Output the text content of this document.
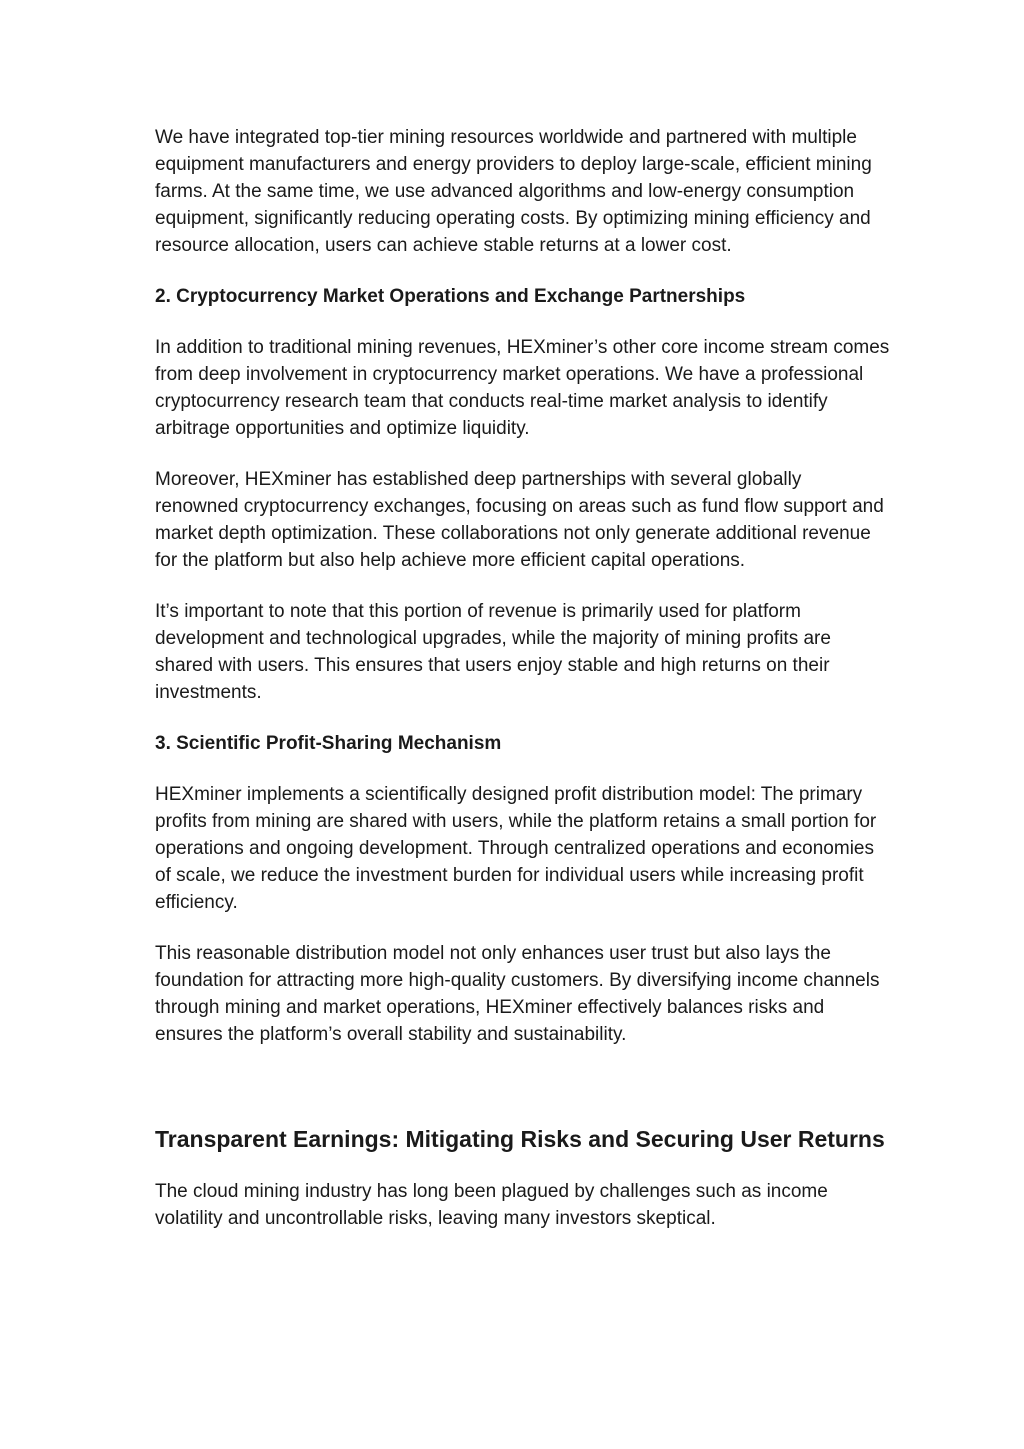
We have integrated top-tier mining resources worldwide and partnered with multiple equipment manufacturers and energy providers to deploy large-scale, efficient mining farms. At the same time, we use advanced algorithms and low-energy consumption equipment, significantly reducing operating costs. By optimizing mining efficiency and resource allocation, users can achieve stable returns at a lower cost.

2. Cryptocurrency Market Operations and Exchange Partnerships

In addition to traditional mining revenues, HEXminer’s other core income stream comes from deep involvement in cryptocurrency market operations. We have a professional cryptocurrency research team that conducts real-time market analysis to identify arbitrage opportunities and optimize liquidity.

Moreover, HEXminer has established deep partnerships with several globally renowned cryptocurrency exchanges, focusing on areas such as fund flow support and market depth optimization. These collaborations not only generate additional revenue for the platform but also help achieve more efficient capital operations.

It’s important to note that this portion of revenue is primarily used for platform development and technological upgrades, while the majority of mining profits are shared with users. This ensures that users enjoy stable and high returns on their investments.

3. Scientific Profit-Sharing Mechanism

HEXminer implements a scientifically designed profit distribution model: The primary profits from mining are shared with users, while the platform retains a small portion for operations and ongoing development. Through centralized operations and economies of scale, we reduce the investment burden for individual users while increasing profit efficiency.

This reasonable distribution model not only enhances user trust but also lays the foundation for attracting more high-quality customers. By diversifying income channels through mining and market operations, HEXminer effectively balances risks and ensures the platform’s overall stability and sustainability.

Transparent Earnings: Mitigating Risks and Securing User Returns

The cloud mining industry has long been plagued by challenges such as income volatility and uncontrollable risks, leaving many investors skeptical.
